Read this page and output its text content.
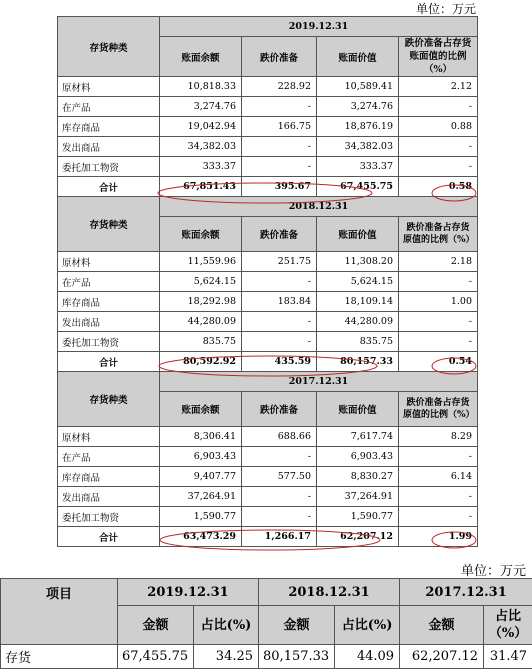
单位：万元
存货种类	2019.12.31			
	账面余额	跌价准备	账面价值	跌价准备占存货账面值的比例（%）
原材料	10,818.33	228.92	10,589.41	2.12
在产品	3,274.76	-	3,274.76	-
库存商品	19,042.94	166.75	18,876.19	0.88
发出商品	34,382.03	-	34,382.03	-
委托加工物资	333.37	-	333.37	-
合计	67,851.43	395.67	67,455.75	0.58
存货种类	2018.12.31			
	账面余额	跌价准备	账面价值	跌价准备占存货原值的比例（%）
原材料	11,559.96	251.75	11,308.20	2.18
在产品	5,624.15	-	5,624.15	-
库存商品	18,292.98	183.84	18,109.14	1.00
发出商品	44,280.09	-	44,280.09	-
委托加工物资	835.75	-	835.75	-
合计	80,592.92	435.59	80,157.33	0.54
存货种类	2017.12.31			
	账面余额	跌价准备	账面价值	跌价准备占存货原值的比例（%）
原材料	8,306.41	688.66	7,617.74	8.29
在产品	6,903.43	-	6,903.43	-
库存商品	9,407.77	577.50	8,830.27	6.14
发出商品	37,264.91	-	37,264.91	-
委托加工物资	1,590.77	-	1,590.77	-
合计	63,473.29	1,266.17	62,207.12	1.99
单位：万元
项目	2019.12.31		2018.12.31		2017.12.31	
	金额	占比(%)	金额	占比(%)	金额	占比（%）
存货	67,455.75	34.25	80,157.33	44.09	62,207.12	31.47
